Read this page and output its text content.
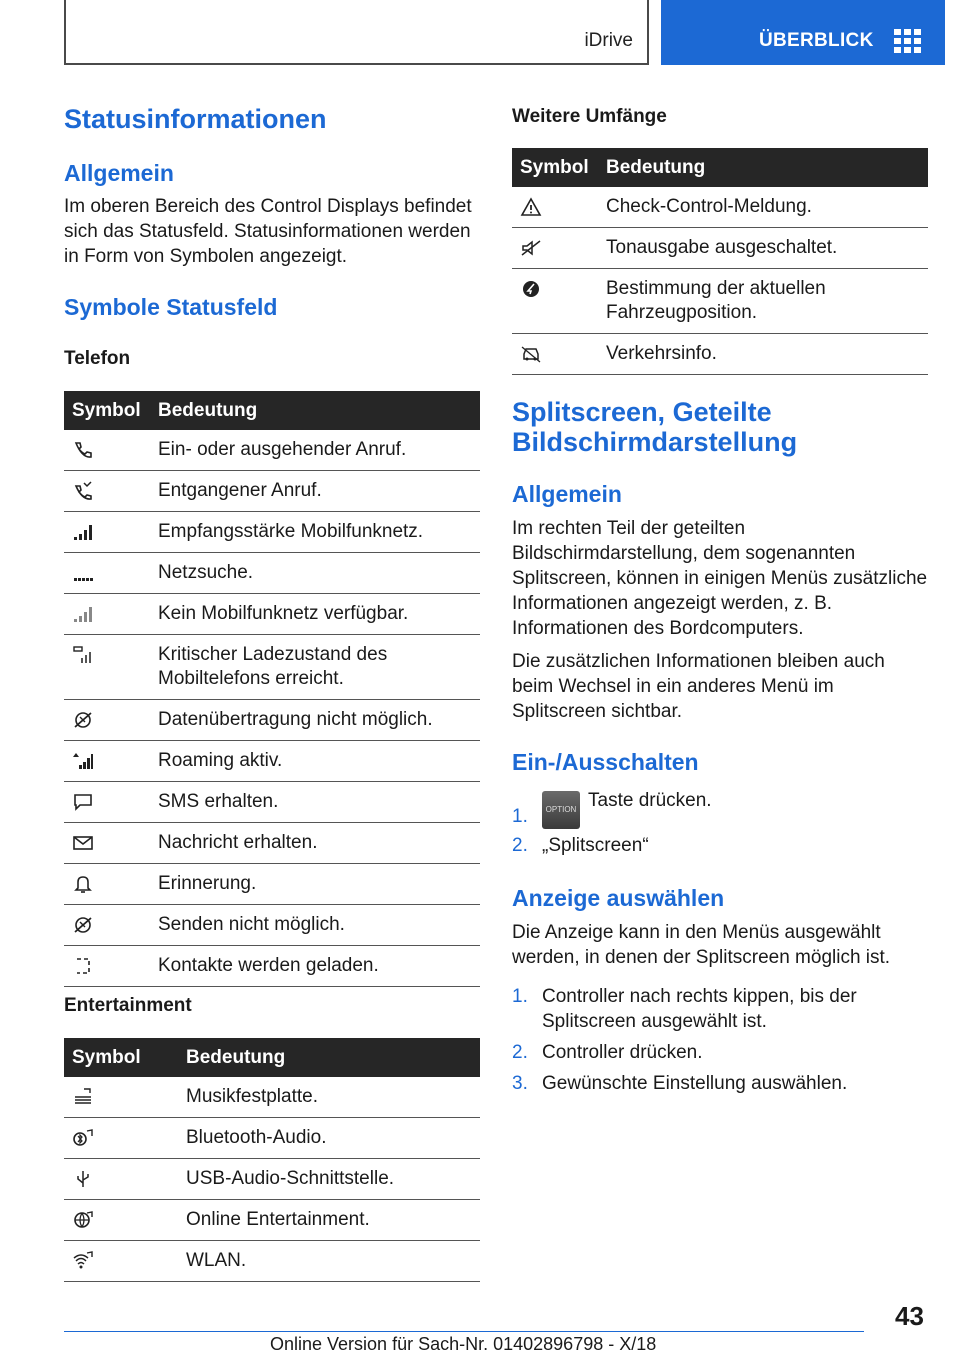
iDrive	ÜBERBLICK
Statusinformationen
Allgemein

Im oberen Bereich des Control Displays befindet sich das Statusfeld. Statusinformationen werden in Form von Symbolen angezeigt.

Symbole Statusfeld
Telefon
Symbol	Bedeutung
	Ein- oder ausgehender Anruf.
	Entgangener Anruf.
	Empfangsstärke Mobilfunknetz.
	Netzsuche.
	Kein Mobilfunknetz verfügbar.
	Kritischer Ladezustand des Mobiltelefons erreicht.
	Datenübertragung nicht möglich.
	Roaming aktiv.
	SMS erhalten.
	Nachricht erhalten.
	Erinnerung.
	Senden nicht möglich.
	Kontakte werden geladen.
Entertainment
Symbol	Bedeutung
	Musikfestplatte.
	Bluetooth-Audio.
	USB-Audio-Schnittstelle.
	Online Entertainment.
	WLAN.
Weitere Umfänge
Symbol	Bedeutung
	Check-Control-Meldung.
	Tonausgabe ausgeschaltet.
	Bestimmung der aktuellen Fahrzeugposition.
	Verkehrsinfo.
Splitscreen, Geteilte Bildschirmdarstellung
Allgemein

Im rechten Teil der geteilten Bildschirmdarstellung, dem sogenannten Splitscreen, können in einigen Menüs zusätzliche Informationen angezeigt werden, z. B. Informationen des Bordcomputers.

Die zusätzlichen Informationen bleiben auch beim Wechsel in ein anderes Menü im Splitscreen sichtbar.

Ein-/Ausschalten
1. OPTION Taste drücken.
2. „Splitscreen“
Anzeige auswählen

Die Anzeige kann in den Menüs ausgewählt werden, in denen der Splitscreen möglich ist.

1. Controller nach rechts kippen, bis der Splitscreen ausgewählt ist.
2. Controller drücken.
3. Gewünschte Einstellung auswählen.
43
Online Version für Sach-Nr. 01402896798 - X/18
